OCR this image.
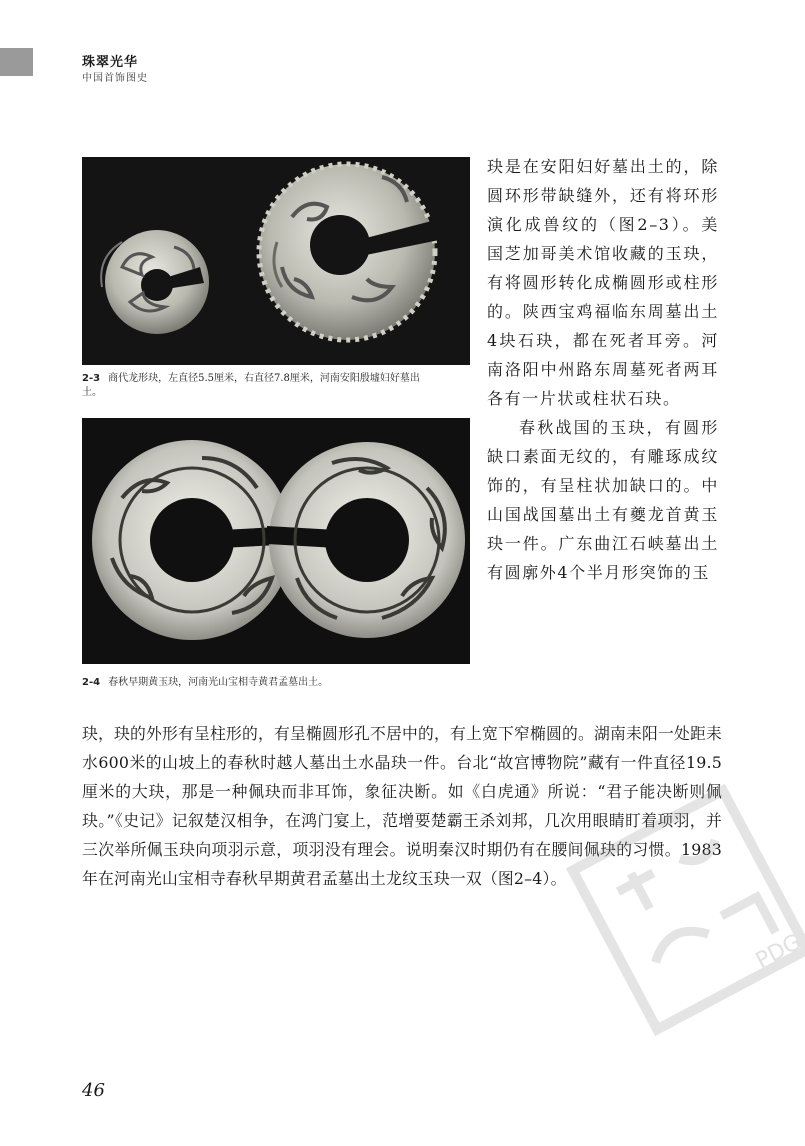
珠翠光华
中国首饰图史
2-3 商代龙形玦，左直径5.5厘米，右直径7.8厘米，河南安阳殷墟妇好墓出土。
2-4 春秋早期黄玉玦，河南光山宝相寺黄君孟墓出土。

玦是在安阳妇好墓出土的，除圆环形带缺缝外，还有将环形演化成兽纹的（图2–3）。美国芝加哥美术馆收藏的玉玦，有将圆形转化成椭圆形或柱形的。陕西宝鸡福临东周墓出土4块石玦，都在死者耳旁。河南洛阳中州路东周墓死者两耳各有一片状或柱状石玦。

春秋战国的玉玦，有圆形缺口素面无纹的，有雕琢成纹饰的，有呈柱状加缺口的。中山国战国墓出土有夔龙首黄玉玦一件。广东曲江石峡墓出土有圆廓外4个半月形突饰的玉

玦，玦的外形有呈柱形的，有呈椭圆形孔不居中的，有上宽下窄椭圆的。湖南耒阳一处距耒水600米的山坡上的春秋时越人墓出土水晶玦一件。台北“故宫博物院”藏有一件直径19.5厘米的大玦，那是一种佩玦而非耳饰，象征决断。如《白虎通》所说：“君子能决断则佩玦。”《史记》记叙楚汉相争，在鸿门宴上，范增要楚霸王杀刘邦，几次用眼睛盯着项羽，并三次举所佩玉玦向项羽示意，项羽没有理会。说明秦汉时期仍有在腰间佩玦的习惯。1983年在河南光山宝相寺春秋早期黄君孟墓出土龙纹玉玦一双（图2–4）。

PDG
46
